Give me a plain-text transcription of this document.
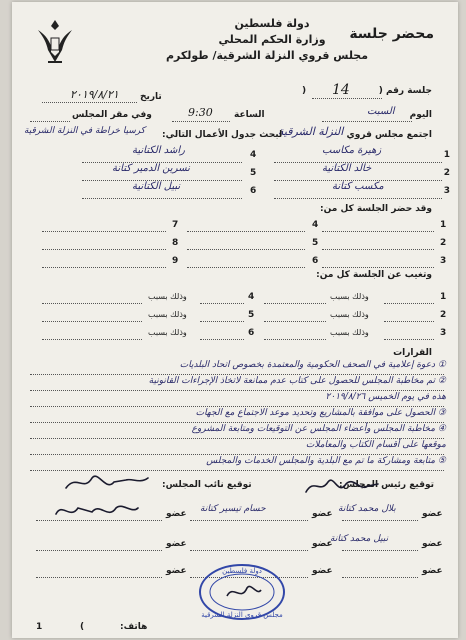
دولة فلسطين
وزارة الحكم المحلي
مجلس قروي النزلة الشرقية/ طولكرم
محضر جلسة
جلسة رقم (
14
)
تاريخ
٢٠١٩/٨/٢١
اليوم
السبت
الساعة
9:30
وفي مقر المجلس
اجتمع مجلس قروي
النزلة الشرقية
لبحث جدول الأعمال التالي:
كرسيا خراطة في النزلة الشرقية
1
زهيرة مكاسب
2
خالد الكتانية
3
مكسب كتانة
4
راشد الكتانية
5
نسرين الدمير كتانة
6
نبيل الكتانية
وقد حضر الجلسة كل من:
1
2
3
4
5
6
7
8
9
وتغيب عن الجلسة كل من:
1
وذلك بسبب
2
وذلك بسبب
3
وذلك بسبب
4
وذلك بسبب
5
وذلك بسبب
6
وذلك بسبب
القرارات
① دعوة إعلامية في الصحف الحكومية والمعتمدة بخصوص اتحاد البلديات
② تم مخاطبة المجلس للحصول على كتاب عدم ممانعة لاتخاذ الإجراءات القانونية
هذه في يوم الخميس ٢٠١٩/٨/٢٦
③ الحصول على موافقة بالمشاريع وتحديد موعد الاجتماع مع الجهات
④ مخاطبة المجلس وأعضاء المجلس عن التوقيعات ومتابعة المشروع
موقعها على أقسام الكتاب والمعاملات
⑤ متابعة ومشاركة ما تم مع البلدية والمجلس الخدمات والمجلس
توقيع رئيس المجلس:
توقيع نائب المجلس:
عضو
بلال محمد كتانة
عضو
حسام تيسير كتانة
عضو
عضو
نبيل محمد كتانة
عضو
عضو
عضو
عضو
عضو	دولة فلسطين
مجلس قروي النزلة الشرقية
هاتف:
(
1
